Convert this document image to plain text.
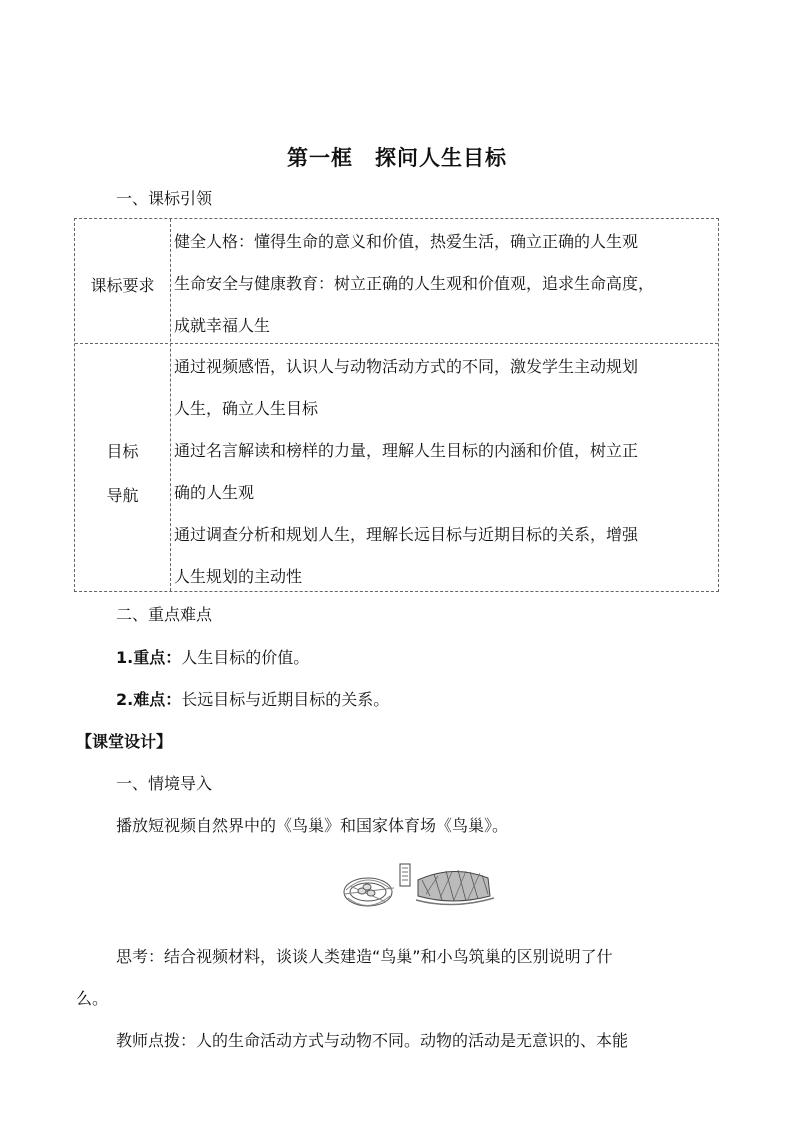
第一框　探问人生目标
一、课标引领
课标要求
健全人格：懂得生命的意义和价值，热爱生活，确立正确的人生观
生命安全与健康教育：树立正确的人生观和价值观，追求生命高度，
成就幸福人生
目标
导航
通过视频感悟，认识人与动物活动方式的不同，激发学生主动规划
人生，确立人生目标
通过名言解读和榜样的力量，理解人生目标的内涵和价值，树立正
确的人生观
通过调查分析和规划人生，理解长远目标与近期目标的关系，增强
人生规划的主动性
二、重点难点
1.重点：人生目标的价值。
2.难点：长远目标与近期目标的关系。
【课堂设计】
一、情境导入
播放短视频自然界中的《鸟巢》和国家体育场《鸟巢》。
思考：结合视频材料，谈谈人类建造“鸟巢”和小鸟筑巢的区别说明了什
么。
教师点拨：人的生命活动方式与动物不同。动物的活动是无意识的、本能
